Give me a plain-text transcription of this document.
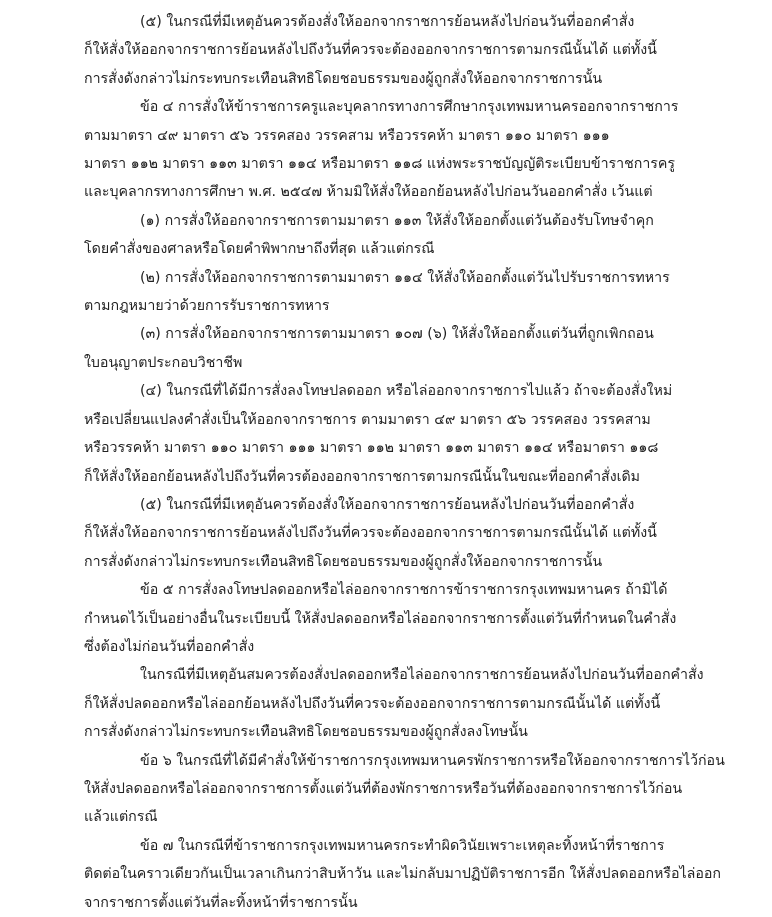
(๕) ในกรณีที่มีเหตุอันควรต้องสั่งให้ออกจากราชการย้อนหลังไปก่อนวันที่ออกคำสั่ง

ก็ให้สั่งให้ออกจากราชการย้อนหลังไปถึงวันที่ควรจะต้องออกจากราชการตามกรณีนั้นได้ แต่ทั้งนี้

การสั่งดังกล่าวไม่กระทบกระเทือนสิทธิโดยชอบธรรมของผู้ถูกสั่งให้ออกจากราชการนั้น

ข้อ ๔ การสั่งให้ข้าราชการครูและบุคลากรทางการศึกษากรุงเทพมหานครออกจากราชการ

ตามมาตรา ๔๙ มาตรา ๕๖ วรรคสอง วรรคสาม หรือวรรคห้า มาตรา ๑๑๐ มาตรา ๑๑๑

มาตรา ๑๑๒ มาตรา ๑๑๓ มาตรา ๑๑๔ หรือมาตรา ๑๑๘ แห่งพระราชบัญญัติระเบียบข้าราชการครู

และบุคลากรทางการศึกษา พ.ศ. ๒๕๔๗ ห้ามมิให้สั่งให้ออกย้อนหลังไปก่อนวันออกคำสั่ง เว้นแต่

(๑) การสั่งให้ออกจากราชการตามมาตรา ๑๑๓ ให้สั่งให้ออกตั้งแต่วันต้องรับโทษจำคุก

โดยคำสั่งของศาลหรือโดยคำพิพากษาถึงที่สุด แล้วแต่กรณี

(๒) การสั่งให้ออกจากราชการตามมาตรา ๑๑๔ ให้สั่งให้ออกตั้งแต่วันไปรับราชการทหาร

ตามกฎหมายว่าด้วยการรับราชการทหาร

(๓) การสั่งให้ออกจากราชการตามมาตรา ๑๐๗ (๖) ให้สั่งให้ออกตั้งแต่วันที่ถูกเพิกถอน

ใบอนุญาตประกอบวิชาชีพ

(๔) ในกรณีที่ได้มีการสั่งลงโทษปลดออก หรือไล่ออกจากราชการไปแล้ว ถ้าจะต้องสั่งใหม่

หรือเปลี่ยนแปลงคำสั่งเป็นให้ออกจากราชการ ตามมาตรา ๔๙ มาตรา ๕๖ วรรคสอง วรรคสาม

หรือวรรคห้า มาตรา ๑๑๐ มาตรา ๑๑๑ มาตรา ๑๑๒ มาตรา ๑๑๓ มาตรา ๑๑๔ หรือมาตรา ๑๑๘

ก็ให้สั่งให้ออกย้อนหลังไปถึงวันที่ควรต้องออกจากราชการตามกรณีนั้นในขณะที่ออกคำสั่งเดิม

(๕) ในกรณีที่มีเหตุอันควรต้องสั่งให้ออกจากราชการย้อนหลังไปก่อนวันที่ออกคำสั่ง

ก็ให้สั่งให้ออกจากราชการย้อนหลังไปถึงวันที่ควรจะต้องออกจากราชการตามกรณีนั้นได้ แต่ทั้งนี้

การสั่งดังกล่าวไม่กระทบกระเทือนสิทธิโดยชอบธรรมของผู้ถูกสั่งให้ออกจากราชการนั้น

ข้อ ๕ การสั่งลงโทษปลดออกหรือไล่ออกจากราชการข้าราชการกรุงเทพมหานคร ถ้ามิได้

กำหนดไว้เป็นอย่างอื่นในระเบียบนี้ ให้สั่งปลดออกหรือไล่ออกจากราชการตั้งแต่วันที่กำหนดในคำสั่ง

ซึ่งต้องไม่ก่อนวันที่ออกคำสั่ง

ในกรณีที่มีเหตุอันสมควรต้องสั่งปลดออกหรือไล่ออกจากราชการย้อนหลังไปก่อนวันที่ออกคำสั่ง

ก็ให้สั่งปลดออกหรือไล่ออกย้อนหลังไปถึงวันที่ควรจะต้องออกจากราชการตามกรณีนั้นได้ แต่ทั้งนี้

การสั่งดังกล่าวไม่กระทบกระเทือนสิทธิโดยชอบธรรมของผู้ถูกสั่งลงโทษนั้น

ข้อ ๖ ในกรณีที่ได้มีคำสั่งให้ข้าราชการกรุงเทพมหานครพักราชการหรือให้ออกจากราชการไว้ก่อน

ให้สั่งปลดออกหรือไล่ออกจากราชการตั้งแต่วันที่ต้องพักราชการหรือวันที่ต้องออกจากราชการไว้ก่อน

แล้วแต่กรณี

ข้อ ๗ ในกรณีที่ข้าราชการกรุงเทพมหานครกระทำผิดวินัยเพราะเหตุละทิ้งหน้าที่ราชการ

ติดต่อในคราวเดียวกันเป็นเวลาเกินกว่าสิบห้าวัน และไม่กลับมาปฏิบัติราชการอีก ให้สั่งปลดออกหรือไล่ออก

จากราชการตั้งแต่วันที่ละทิ้งหน้าที่ราชการนั้น
